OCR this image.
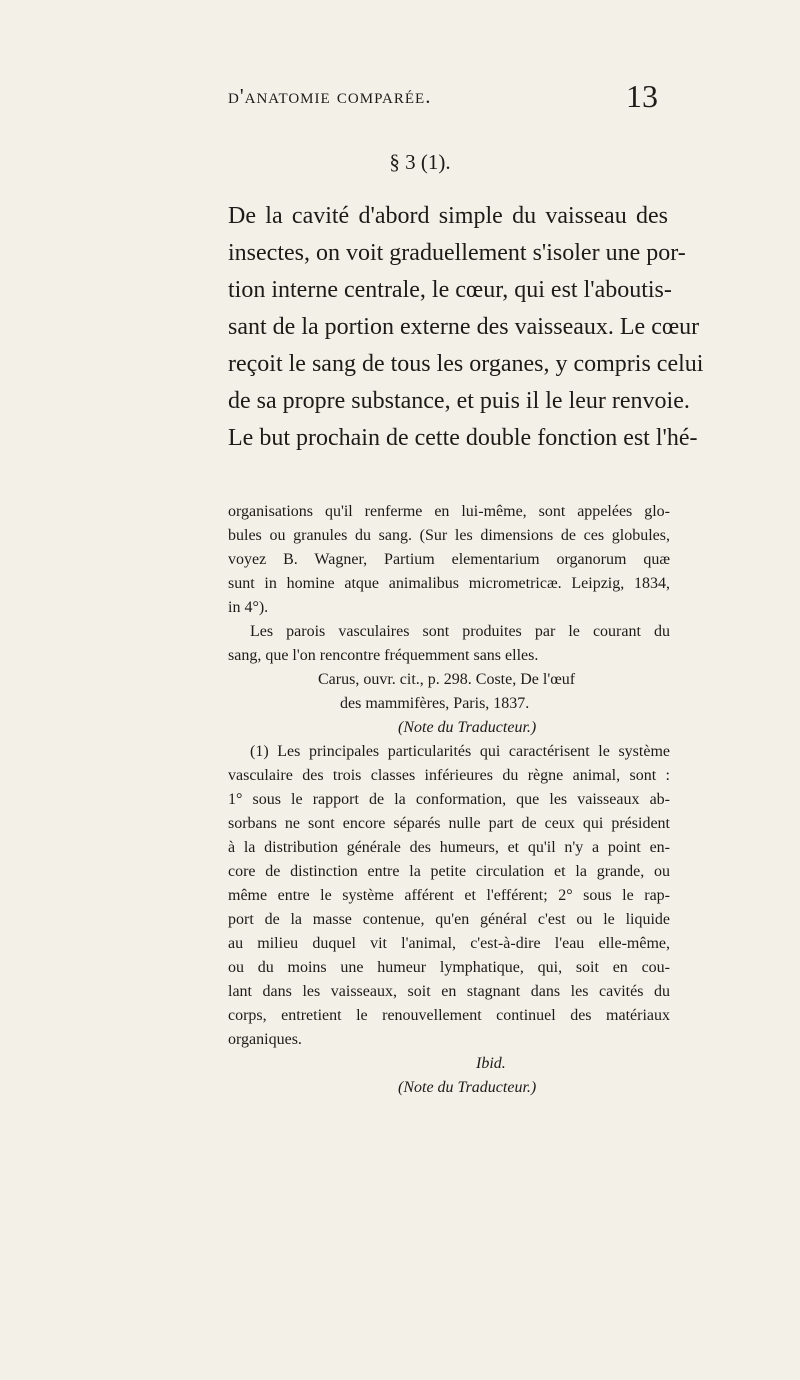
d'anatomie comparée.	13
§ 3 (1).
De la cavité d'abord simple du vaisseau des
insectes, on voit graduellement s'isoler une por-
tion interne centrale, le cœur, qui est l'aboutis-
sant de la portion externe des vaisseaux. Le cœur
reçoit le sang de tous les organes, y compris celui
de sa propre substance, et puis il le leur renvoie.
Le but prochain de cette double fonction est l'hé-

organisations qu'il renferme en lui-même, sont appelées glo-
bules ou granules du sang. (Sur les dimensions de ces globules,
voyez B. Wagner, Partium elementarium organorum quæ
sunt in homine atque animalibus micrometricæ. Leipzig, 1834,
in 4°).

Les parois vasculaires sont produites par le courant du
sang, que l'on rencontre fréquemment sans elles.
Carus, ouvr. cit., p. 298. Coste, De l'œuf
des mammifères, Paris, 1837.
(Note du Traducteur.)

(1) Les principales particularités qui caractérisent le système
vasculaire des trois classes inférieures du règne animal, sont :
1° sous le rapport de la conformation, que les vaisseaux ab-
sorbans ne sont encore séparés nulle part de ceux qui président
à la distribution générale des humeurs, et qu'il n'y a point en-
core de distinction entre la petite circulation et la grande, ou
même entre le système afférent et l'efférent; 2° sous le rap-
port de la masse contenue, qu'en général c'est ou le liquide
au milieu duquel vit l'animal, c'est-à-dire l'eau elle-même,
ou du moins une humeur lymphatique, qui, soit en cou-
lant dans les vaisseaux, soit en stagnant dans les cavités du
corps, entretient le renouvellement continuel des matériaux
organiques.
Ibid.
(Note du Traducteur.)
